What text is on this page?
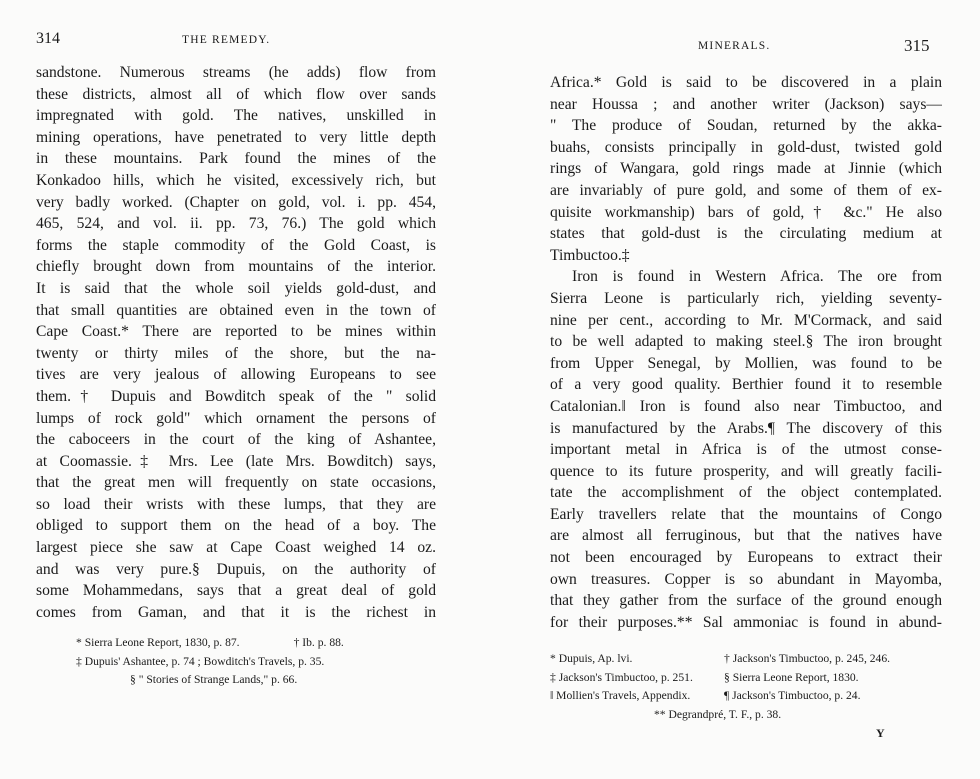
314	THE REMEDY.
sandstone. Numerous streams (he adds) flow from
these districts, almost all of which flow over sands
impregnated with gold. The natives, unskilled in
mining operations, have penetrated to very little depth
in these mountains. Park found the mines of the
Konkadoo hills, which he visited, excessively rich, but
very badly worked. (Chapter on gold, vol. i. pp. 454,
465, 524, and vol. ii. pp. 73, 76.) The gold which
forms the staple commodity of the Gold Coast, is
chiefly brought down from mountains of the interior.
It is said that the whole soil yields gold-dust, and
that small quantities are obtained even in the town of
Cape Coast.* There are reported to be mines within
twenty or thirty miles of the shore, but the na-
tives are very jealous of allowing Europeans to see
them.† Dupuis and Bowditch speak of the " solid
lumps of rock gold" which ornament the persons of
the caboceers in the court of the king of Ashantee,
at Coomassie.‡ Mrs. Lee (late Mrs. Bowditch) says,
that the great men will frequently on state occasions,
so load their wrists with these lumps, that they are
obliged to support them on the head of a boy. The
largest piece she saw at Cape Coast weighed 14 oz.
and was very pure.§ Dupuis, on the authority of
some Mohammedans, says that a great deal of gold
comes from Gaman, and that it is the richest in
* Sierra Leone Report, 1830, p. 87.	† Ib. p. 88.
‡ Dupuis' Ashantee, p. 74 ; Bowditch's Travels, p. 35.
§ " Stories of Strange Lands," p. 66.
MINERALS.	315
Africa.* Gold is said to be discovered in a plain
near Houssa ; and another writer (Jackson) says—
" The produce of Soudan, returned by the akka-
buahs, consists principally in gold-dust, twisted gold
rings of Wangara, gold rings made at Jinnie (which
are invariably of pure gold, and some of them of ex-
quisite workmanship) bars of gold,† &c." He also
states that gold-dust is the circulating medium at
Timbuctoo.‡
Iron is found in Western Africa. The ore from
Sierra Leone is particularly rich, yielding seventy-
nine per cent., according to Mr. M'Cormack, and said
to be well adapted to making steel.§ The iron brought
from Upper Senegal, by Mollien, was found to be
of a very good quality. Berthier found it to resemble
Catalonian.‖ Iron is found also near Timbuctoo, and
is manufactured by the Arabs.¶ The discovery of this
important metal in Africa is of the utmost conse-
quence to its future prosperity, and will greatly facili-
tate the accomplishment of the object contemplated.
Early travellers relate that the mountains of Congo
are almost all ferruginous, but that the natives have
not been encouraged by Europeans to extract their
own treasures. Copper is so abundant in Mayomba,
that they gather from the surface of the ground enough
for their purposes.** Sal ammoniac is found in abund-
* Dupuis, Ap. lvi.	† Jackson's Timbuctoo, p. 245, 246.
‡ Jackson's Timbuctoo, p. 251.	§ Sierra Leone Report, 1830.
‖ Mollien's Travels, Appendix.	¶ Jackson's Timbuctoo, p. 24.
** Degrandpré, T. F., p. 38.
Y
